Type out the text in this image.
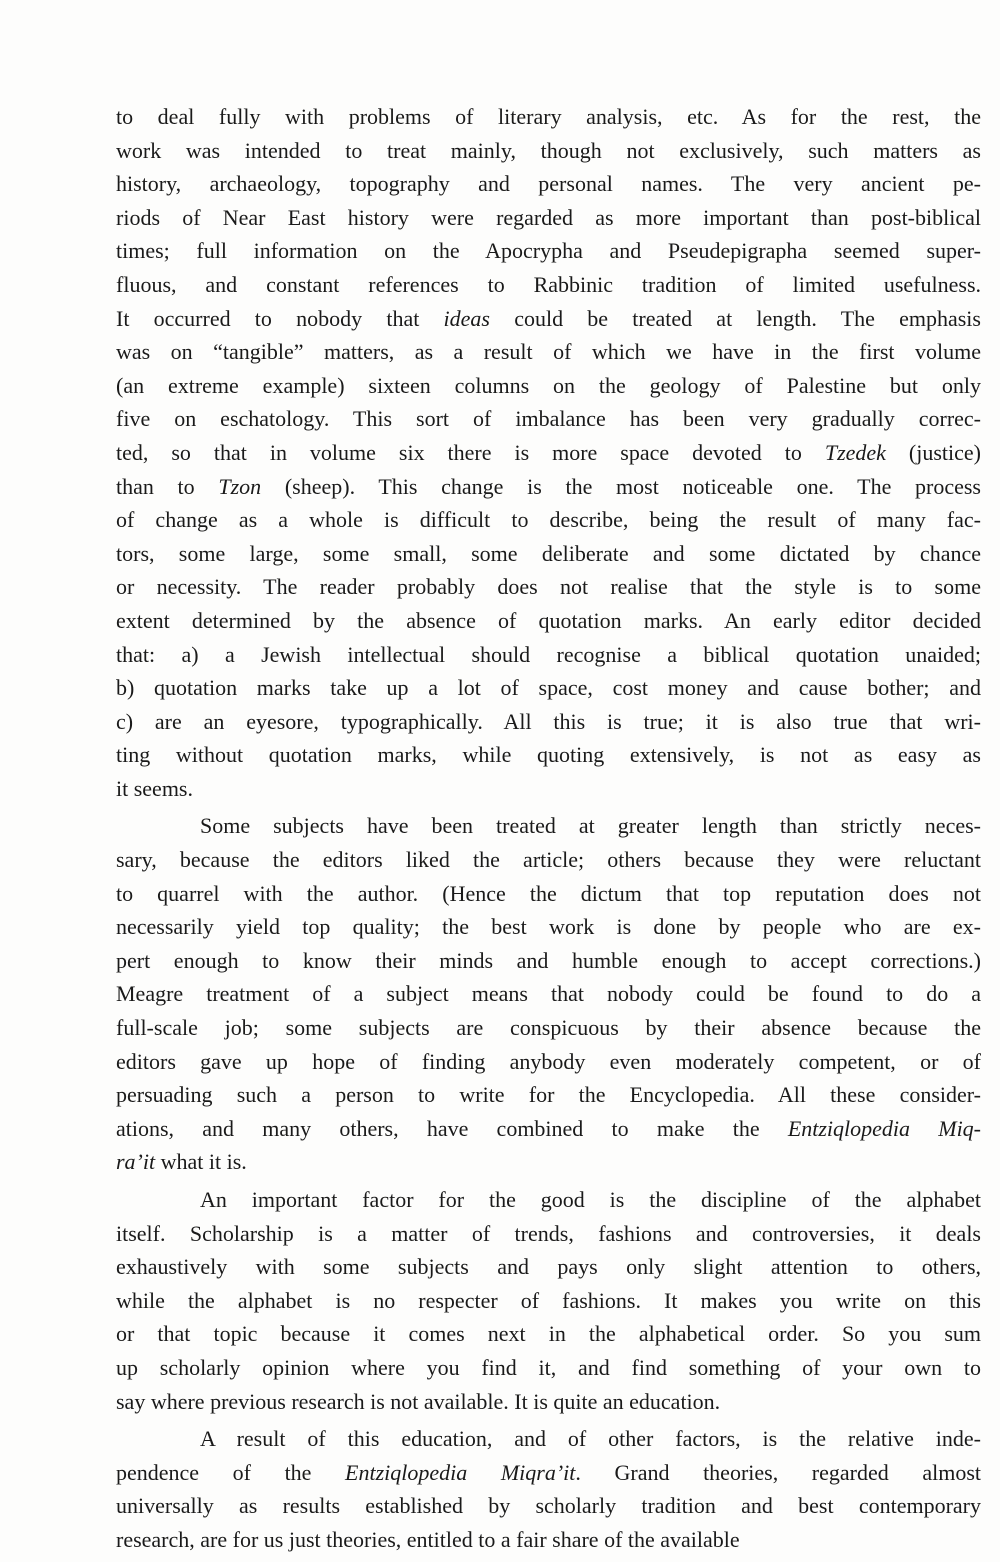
to deal fully with problems of literary analysis, etc. As for the rest, the
work was intended to treat mainly, though not exclusively, such matters as
history, archaeology, topography and personal names. The very ancient pe-
riods of Near East history were regarded as more important than post-biblical
times; full information on the Apocrypha and Pseudepigrapha seemed super-
fluous, and constant references to Rabbinic tradition of limited usefulness.
It occurred to nobody that ideas could be treated at length. The emphasis
was on “tangible” matters, as a result of which we have in the first volume
(an extreme example) sixteen columns on the geology of Palestine but only
five on eschatology. This sort of imbalance has been very gradually correc-
ted, so that in volume six there is more space devoted to Tzedek (justice)
than to Tzon (sheep). This change is the most noticeable one. The process
of change as a whole is difficult to describe, being the result of many fac-
tors, some large, some small, some deliberate and some dictated by chance
or necessity. The reader probably does not realise that the style is to some
extent determined by the absence of quotation marks. An early editor decided
that: a) a Jewish intellectual should recognise a biblical quotation unaided;
b) quotation marks take up a lot of space, cost money and cause bother; and
c) are an eyesore, typographically. All this is true; it is also true that wri-
ting without quotation marks, while quoting extensively, is not as easy as
it seems.
Some subjects have been treated at greater length than strictly neces-
sary, because the editors liked the article; others because they were reluctant
to quarrel with the author. (Hence the dictum that top reputation does not
necessarily yield top quality; the best work is done by people who are ex-
pert enough to know their minds and humble enough to accept corrections.)
Meagre treatment of a subject means that nobody could be found to do a
full-scale job; some subjects are conspicuous by their absence because the
editors gave up hope of finding anybody even moderately competent, or of
persuading such a person to write for the Encyclopedia. All these consider-
ations, and many others, have combined to make the Entziqlopedia Miq-
ra’it what it is.
An important factor for the good is the discipline of the alphabet
itself. Scholarship is a matter of trends, fashions and controversies, it deals
exhaustively with some subjects and pays only slight attention to others,
while the alphabet is no respecter of fashions. It makes you write on this
or that topic because it comes next in the alphabetical order. So you sum
up scholarly opinion where you find it, and find something of your own to
say where previous research is not available. It is quite an education.
A result of this education, and of other factors, is the relative inde-
pendence of the Entziqlopedia Miqra’it. Grand theories, regarded almost
universally as results established by scholarly tradition and best contemporary
research, are for us just theories, entitled to a fair share of the available
